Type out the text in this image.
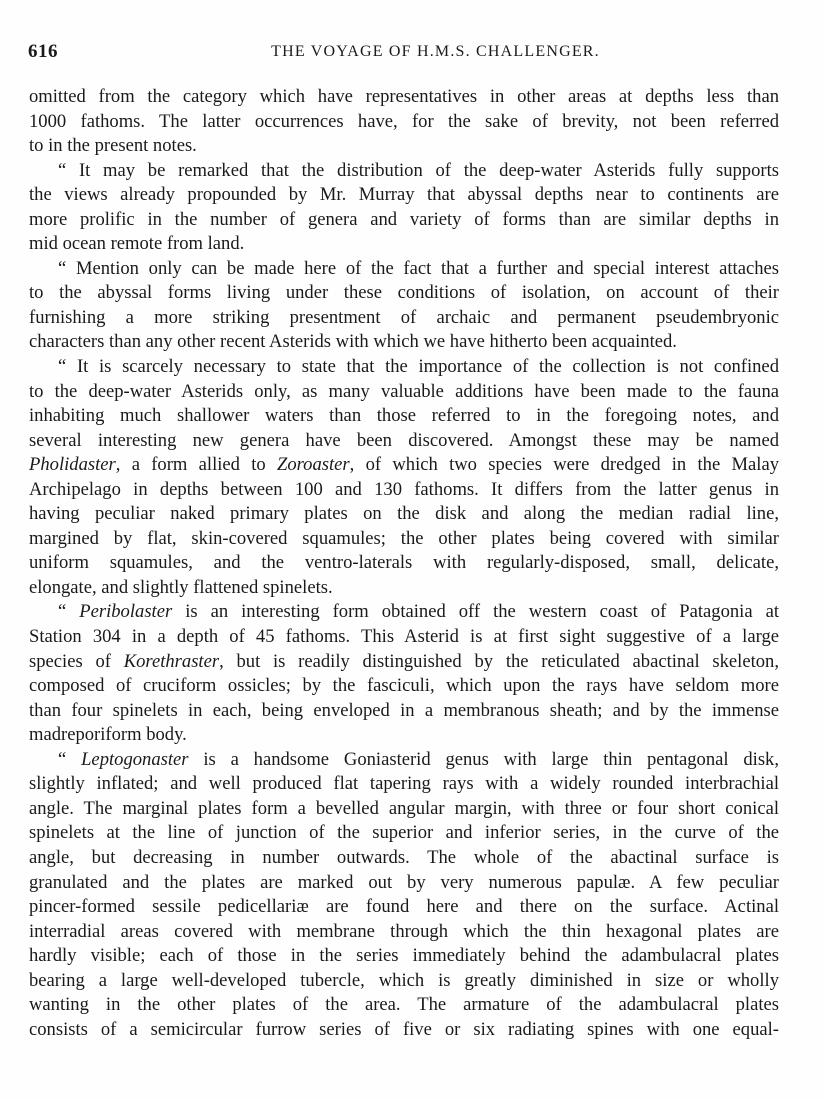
616	THE VOYAGE OF H.M.S. CHALLENGER.
omitted from the category which have representatives in other areas at depths less than
1000 fathoms. The latter occurrences have, for the sake of brevity, not been referred
to in the present notes.
“ It may be remarked that the distribution of the deep-water Asterids fully supports
the views already propounded by Mr. Murray that abyssal depths near to continents are
more prolific in the number of genera and variety of forms than are similar depths in
mid ocean remote from land.
“ Mention only can be made here of the fact that a further and special interest attaches
to the abyssal forms living under these conditions of isolation, on account of their
furnishing a more striking presentment of archaic and permanent pseudembryonic
characters than any other recent Asterids with which we have hitherto been acquainted.
“ It is scarcely necessary to state that the importance of the collection is not confined
to the deep-water Asterids only, as many valuable additions have been made to the fauna
inhabiting much shallower waters than those referred to in the foregoing notes, and
several interesting new genera have been discovered. Amongst these may be named
Pholidaster, a form allied to Zoroaster, of which two species were dredged in the Malay
Archipelago in depths between 100 and 130 fathoms. It differs from the latter genus in
having peculiar naked primary plates on the disk and along the median radial line,
margined by flat, skin-covered squamules; the other plates being covered with similar
uniform squamules, and the ventro-laterals with regularly-disposed, small, delicate,
elongate, and slightly flattened spinelets.
“ Peribolaster is an interesting form obtained off the western coast of Patagonia at
Station 304 in a depth of 45 fathoms. This Asterid is at first sight suggestive of a large
species of Korethraster, but is readily distinguished by the reticulated abactinal skeleton,
composed of cruciform ossicles; by the fasciculi, which upon the rays have seldom more
than four spinelets in each, being enveloped in a membranous sheath; and by the immense
madreporiform body.
“ Leptogonaster is a handsome Goniasterid genus with large thin pentagonal disk,
slightly inflated; and well produced flat tapering rays with a widely rounded interbrachial
angle. The marginal plates form a bevelled angular margin, with three or four short conical
spinelets at the line of junction of the superior and inferior series, in the curve of the
angle, but decreasing in number outwards. The whole of the abactinal surface is
granulated and the plates are marked out by very numerous papulæ. A few peculiar
pincer-formed sessile pedicellariæ are found here and there on the surface. Actinal
interradial areas covered with membrane through which the thin hexagonal plates are
hardly visible; each of those in the series immediately behind the adambulacral plates
bearing a large well-developed tubercle, which is greatly diminished in size or wholly
wanting in the other plates of the area. The armature of the adambulacral plates
consists of a semicircular furrow series of five or six radiating spines with one equal-
